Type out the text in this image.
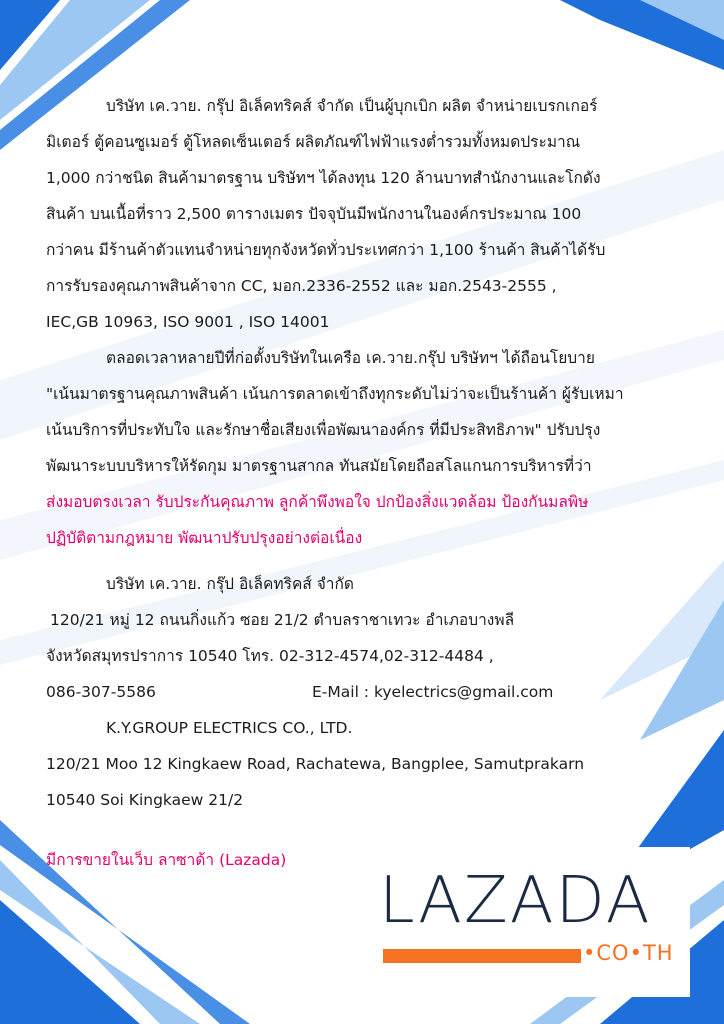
บริษัท เค.วาย. กรุ๊ป อิเล็คทริคส์ จำกัด เป็นผู้บุกเบิก ผลิต จำหน่ายเบรกเกอร์
มิเตอร์ ตู้คอนซูเมอร์ ตู้โหลดเซ็นเตอร์ ผลิตภัณฑ์ไฟฟ้าแรงต่ำรวมทั้งหมดประมาณ
1,000 กว่าชนิด สินค้ามาตรฐาน บริษัทฯ ได้ลงทุน 120 ล้านบาทสำนักงานและโกดัง
สินค้า บนเนื้อที่ราว 2,500 ตารางเมตร ปัจจุบันมีพนักงานในองค์กรประมาณ 100
กว่าคน มีร้านค้าตัวแทนจำหน่ายทุกจังหวัดทั่วประเทศกว่า 1,100 ร้านค้า สินค้าได้รับ
การรับรองคุณภาพสินค้าจาก CC, มอก.2336-2552 และ มอก.2543-2555 ,
IEC,GB 10963, ISO 9001 , ISO 14001
ตลอดเวลาหลายปีที่ก่อตั้งบริษัทในเครือ เค.วาย.กรุ๊ป บริษัทฯ ได้ถือนโยบาย
"เน้นมาตรฐานคุณภาพสินค้า เน้นการตลาดเข้าถึงทุกระดับไม่ว่าจะเป็นร้านค้า ผู้รับเหมา
เน้นบริการที่ประทับใจ และรักษาชื่อเสียงเพื่อพัฒนาองค์กร ที่มีประสิทธิภาพ" ปรับปรุง
พัฒนาระบบบริหารให้รัดกุม มาตรฐานสากล ทันสมัยโดยถือสโลแกนการบริหารที่ว่า
ส่งมอบตรงเวลา รับประกันคุณภาพ ลูกค้าพึงพอใจ ปกป้องสิ่งแวดล้อม ป้องกันมลพิษ
ปฏิบัติตามกฎหมาย พัฒนาปรับปรุงอย่างต่อเนื่อง
บริษัท เค.วาย. กรุ๊ป อิเล็คทริคส์ จำกัด
120/21 หมู่ 12 ถนนกิ่งแก้ว ซอย 21/2 ตำบลราชาเทวะ อำเภอบางพลี
จังหวัดสมุทรปราการ 10540 โทร. 02-312-4574,02-312-4484 ,
086-307-5586	E-Mail : kyelectrics@gmail.com
K.Y.GROUP ELECTRICS CO., LTD.
120/21 Moo 12 Kingkaew Road, Rachatewa, Bangplee, Samutprakarn
10540 Soi Kingkaew 21/2
มีการขายในเว็บ ลาซาด้า (Lazada)
LAZADA
•CO•TH
